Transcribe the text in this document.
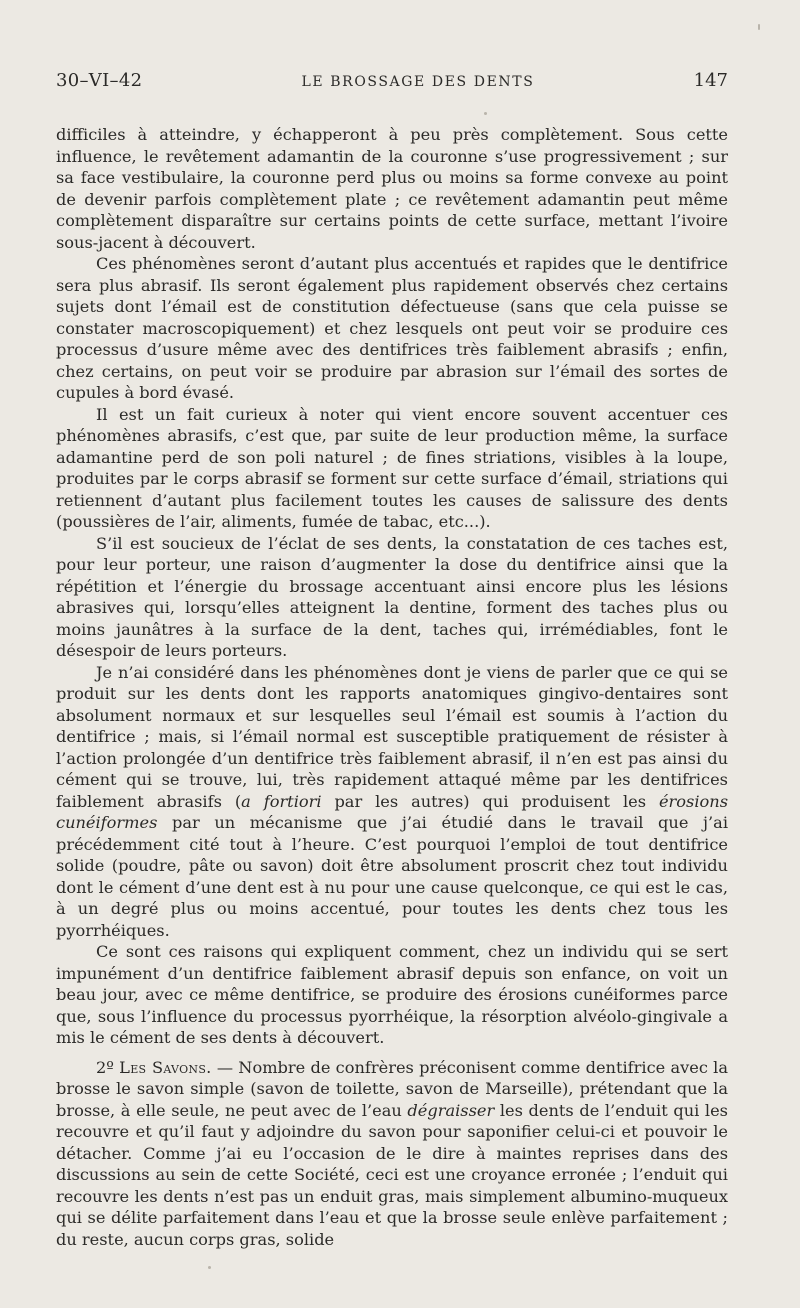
30–VI–42	LE BROSSAGE DES DENTS	147

difficiles à atteindre, y échapperont à peu près complètement. Sous cette influence, le revêtement adamantin de la couronne s’use progressivement ; sur sa face vestibulaire, la couronne perd plus ou moins sa forme convexe au point de devenir parfois complètement plate ; ce revêtement adamantin peut même complètement disparaître sur certains points de cette surface, mettant l’ivoire sous-jacent à découvert.

Ces phénomènes seront d’autant plus accentués et rapides que le dentifrice sera plus abrasif. Ils seront également plus rapidement observés chez certains sujets dont l’émail est de constitution défectueuse (sans que cela puisse se constater macroscopiquement) et chez lesquels ont peut voir se produire ces processus d’usure même avec des dentifrices très faiblement abrasifs ; enfin, chez certains, on peut voir se produire par abrasion sur l’émail des sortes de cupules à bord évasé.

Il est un fait curieux à noter qui vient encore souvent accentuer ces phénomènes abrasifs, c’est que, par suite de leur production même, la surface adamantine perd de son poli naturel ; de fines striations, visibles à la loupe, produites par le corps abrasif se forment sur cette surface d’émail, striations qui retiennent d’autant plus facilement toutes les causes de salissure des dents (poussières de l’air, aliments, fumée de tabac, etc...).

S’il est soucieux de l’éclat de ses dents, la constatation de ces taches est, pour leur porteur, une raison d’augmenter la dose du dentifrice ainsi que la répétition et l’énergie du brossage accentuant ainsi encore plus les lésions abrasives qui, lorsqu’elles atteignent la dentine, forment des taches plus ou moins jaunâtres à la surface de la dent, taches qui, irrémédiables, font le désespoir de leurs porteurs.

Je n’ai considéré dans les phénomènes dont je viens de parler que ce qui se produit sur les dents dont les rapports anatomiques gingivo-dentaires sont absolument normaux et sur lesquelles seul l’émail est soumis à l’action du dentifrice ; mais, si l’émail normal est susceptible pratiquement de résister à l’action prolongée d’un dentifrice très faiblement abrasif, il n’en est pas ainsi du cément qui se trouve, lui, très rapidement attaqué même par les dentifrices faiblement abrasifs (a fortiori par les autres) qui produisent les érosions cunéiformes par un mécanisme que j’ai étudié dans le travail que j’ai précédemment cité tout à l’heure. C’est pourquoi l’emploi de tout dentifrice solide (poudre, pâte ou savon) doit être absolument proscrit chez tout individu dont le cément d’une dent est à nu pour une cause quelconque, ce qui est le cas, à un degré plus ou moins accentué, pour toutes les dents chez tous les pyorrhéiques.

Ce sont ces raisons qui expliquent comment, chez un individu qui se sert impunément d’un dentifrice faiblement abrasif depuis son enfance, on voit un beau jour, avec ce même dentifrice, se produire des érosions cunéiformes parce que, sous l’influence du processus pyorrhéique, la résorption alvéolo-gingivale a mis le cément de ses dents à découvert.

2º Les Savons. — Nombre de confrères préconisent comme dentifrice avec la brosse le savon simple (savon de toilette, savon de Marseille), prétendant que la brosse, à elle seule, ne peut avec de l’eau dégraisser les dents de l’enduit qui les recouvre et qu’il faut y adjoindre du savon pour saponifier celui-ci et pouvoir le détacher. Comme j’ai eu l’occasion de le dire à maintes reprises dans des discussions au sein de cette Société, ceci est une croyance erronée ; l’enduit qui recouvre les dents n’est pas un enduit gras, mais simplement albumino-muqueux qui se délite parfaitement dans l’eau et que la brosse seule enlève parfaitement ; du reste, aucun corps gras, solide
